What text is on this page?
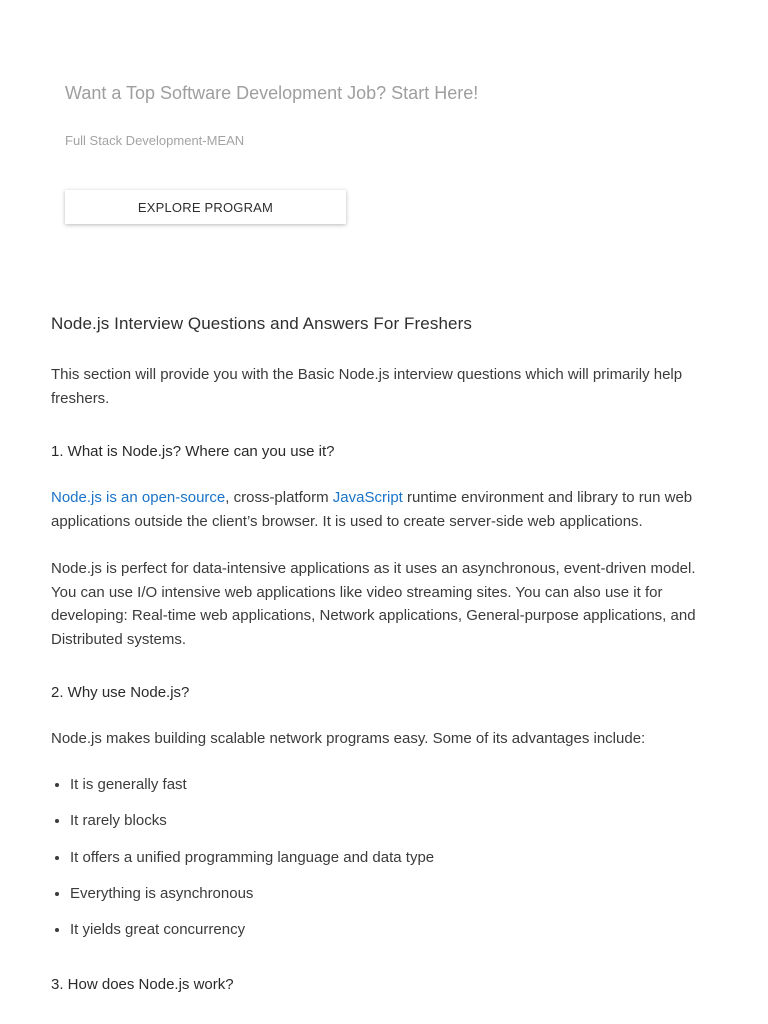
Want a Top Software Development Job? Start Here!

Full Stack Development-MEAN

EXPLORE PROGRAM
Node.js Interview Questions and Answers For Freshers

This section will provide you with the Basic Node.js interview questions which will primarily help freshers.

1. What is Node.js? Where can you use it?

Node.js is an open-source, cross-platform JavaScript runtime environment and library to run web applications outside the client’s browser. It is used to create server-side web applications.

Node.js is perfect for data-intensive applications as it uses an asynchronous, event-driven model. You can use I/O intensive web applications like video streaming sites. You can also use it for developing: Real-time web applications, Network applications, General-purpose applications, and Distributed systems.

2. Why use Node.js?

Node.js makes building scalable network programs easy. Some of its advantages include:

• It is generally fast
• It rarely blocks
• It offers a unified programming language and data type
• Everything is asynchronous
• It yields great concurrency
3. How does Node.js work?
